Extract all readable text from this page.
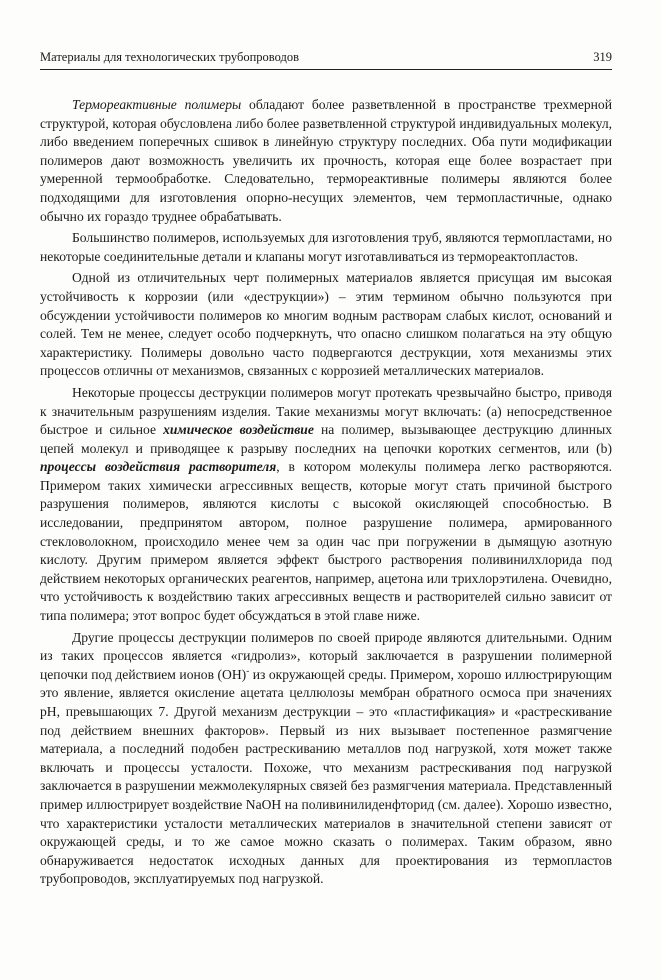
Материалы для технологических трубопроводов	319

Термореактивные полимеры обладают более разветвленной в пространстве трехмерной структурой, которая обусловлена либо более разветвленной структурой индивидуальных молекул, либо введением поперечных сшивок в линейную структуру последних. Оба пути модификации полимеров дают возможность увеличить их прочность, которая еще более возрастает при умеренной термообработке. Следовательно, термореактивные полимеры являются более подходящими для изготовления опорно-несущих элементов, чем термопластичные, однако обычно их гораздо труднее обрабатывать.

Большинство полимеров, используемых для изготовления труб, являются термопластами, но некоторые соединительные детали и клапаны могут изготавливаться из термореактопластов.

Одной из отличительных черт полимерных материалов является присущая им высокая устойчивость к коррозии (или «деструкции») – этим термином обычно пользуются при обсуждении устойчивости полимеров ко многим водным растворам слабых кислот, оснований и солей. Тем не менее, следует особо подчеркнуть, что опасно слишком полагаться на эту общую характеристику. Полимеры довольно часто подвергаются деструкции, хотя механизмы этих процессов отличны от механизмов, связанных с коррозией металлических материалов.

Некоторые процессы деструкции полимеров могут протекать чрезвычайно быстро, приводя к значительным разрушениям изделия. Такие механизмы могут включать: (a) непосредственное быстрое и сильное химическое воздействие на полимер, вызывающее деструкцию длинных цепей молекул и приводящее к разрыву последних на цепочки коротких сегментов, или (b) процессы воздействия растворителя, в котором молекулы полимера легко растворяются. Примером таких химически агрессивных веществ, которые могут стать причиной быстрого разрушения полимеров, являются кислоты с высокой окисляющей способностью. В исследовании, предпринятом автором, полное разрушение полимера, армированного стекловолокном, происходило менее чем за один час при погружении в дымящую азотную кислоту. Другим примером является эффект быстрого растворения поливинилхлорида под действием некоторых органических реагентов, например, ацетона или трихлорэтилена. Очевидно, что устойчивость к воздействию таких агрессивных веществ и растворителей сильно зависит от типа полимера; этот вопрос будет обсуждаться в этой главе ниже.

Другие процессы деструкции полимеров по своей природе являются длительными. Одним из таких процессов является «гидролиз», который заключается в разрушении полимерной цепочки под действием ионов (OH)- из окружающей среды. Примером, хорошо иллюстрирующим это явление, является окисление ацетата целлюлозы мембран обратного осмоса при значениях pH, превышающих 7. Другой механизм деструкции – это «пластификация» и «растрескивание под действием внешних факторов». Первый из них вызывает постепенное размягчение материала, а последний подобен растрескиванию металлов под нагрузкой, хотя может также включать и процессы усталости. Похоже, что механизм растрескивания под нагрузкой заключается в разрушении межмолекулярных связей без размягчения материала. Представленный пример иллюстрирует воздействие NaOH на поливинилиденфторид (см. далее). Хорошо известно, что характеристики усталости металлических материалов в значительной степени зависят от окружающей среды, и то же самое можно сказать о полимерах. Таким образом, явно обнаруживается недостаток исходных данных для проектирования из термопластов трубопроводов, эксплуатируемых под нагрузкой.
